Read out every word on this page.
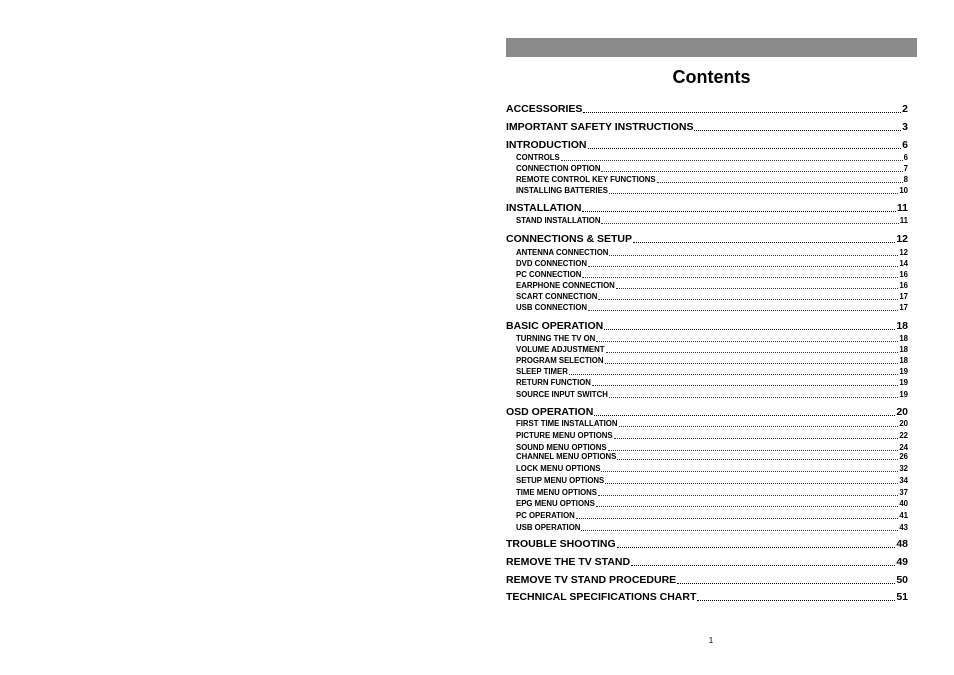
Contents
ACCESSORIES	2
IMPORTANT SAFETY INSTRUCTIONS	3
INTRODUCTION	6
CONTROLS	6
CONNECTION OPTION	7
REMOTE CONTROL KEY FUNCTIONS	8
INSTALLING BATTERIES	10
INSTALLATION	11
STAND INSTALLATION	11
CONNECTIONS & SETUP	12
ANTENNA CONNECTION	12
DVD CONNECTION	14
PC CONNECTION	16
EARPHONE CONNECTION	16
SCART CONNECTION	17
USB CONNECTION	17
BASIC OPERATION	18
TURNING THE TV ON	18
VOLUME ADJUSTMENT	18
PROGRAM SELECTION	18
SLEEP TIMER	19
RETURN FUNCTION	19
SOURCE INPUT SWITCH	19
OSD OPERATION	20
FIRST TIME INSTALLATION	20
PICTURE MENU OPTIONS	22
SOUND MENU OPTIONS	24
CHANNEL MENU OPTIONS	26
LOCK MENU OPTIONS	32
SETUP MENU OPTIONS	34
TIME MENU OPTIONS	37
EPG MENU OPTIONS	40
PC OPERATION	41
USB OPERATION	43
TROUBLE SHOOTING	48
REMOVE THE TV STAND	49
REMOVE TV STAND PROCEDURE	50
TECHNICAL SPECIFICATIONS CHART	51
1
